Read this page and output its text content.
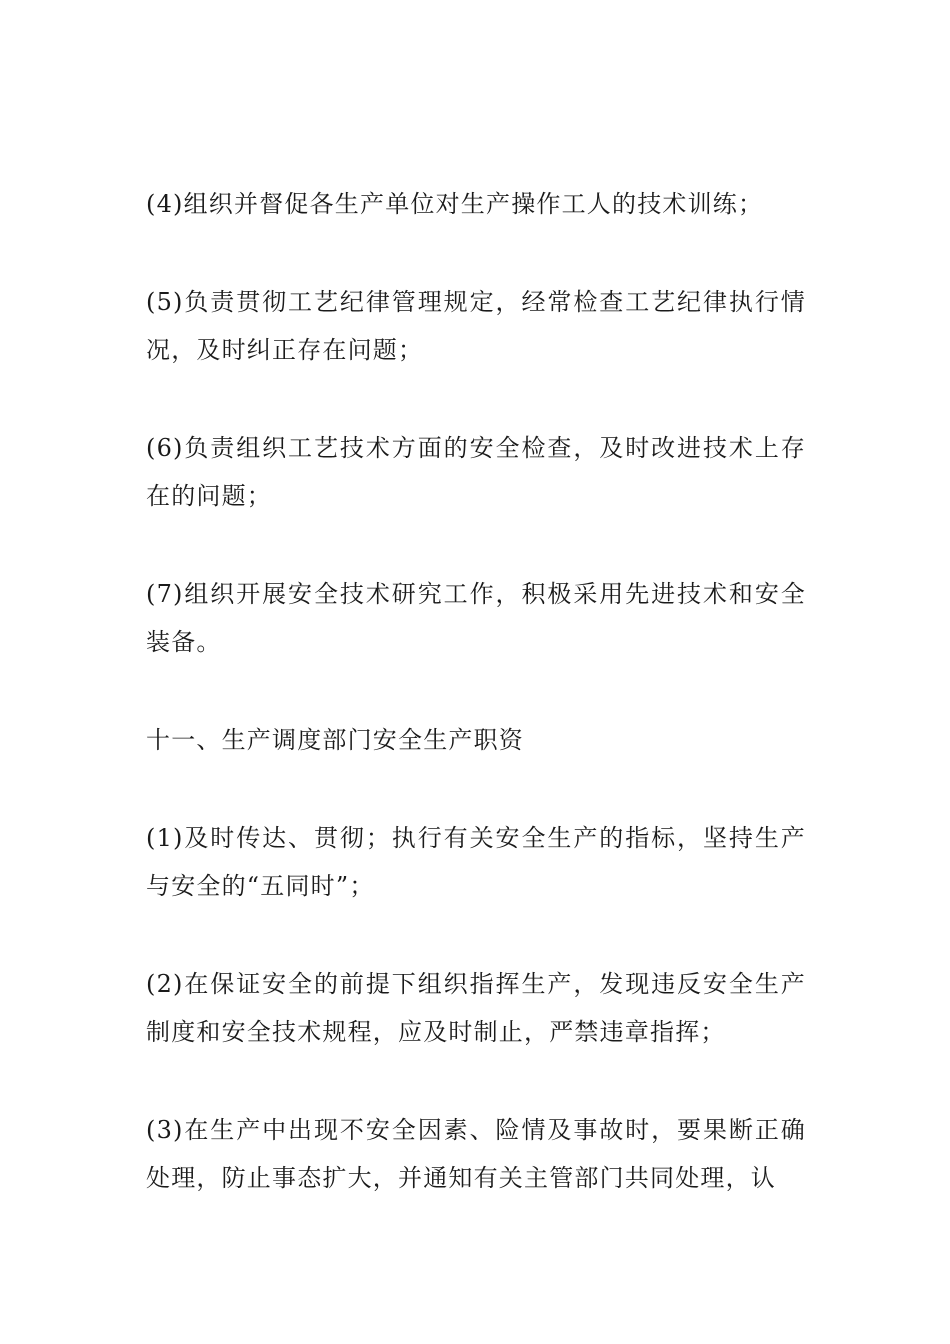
(4)组织并督促各生产单位对生产操作工人的技术训练；

(5)负责贯彻工艺纪律管理规定，经常检查工艺纪律执行情况，及时纠正存在问题；

(6)负责组织工艺技术方面的安全检查，及时改进技术上存在的问题；

(7)组织开展安全技术研究工作，积极采用先进技术和安全装备。

十一、生产调度部门安全生产职资

(1)及时传达、贯彻；执行有关安全生产的指标，坚持生产与安全的“五同时”；

(2)在保证安全的前提下组织指挥生产，发现违反安全生产制度和安全技术规程，应及时制止，严禁违章指挥；

(3)在生产中出现不安全因素、险情及事故时，要果断正确处理，防止事态扩大，并通知有关主管部门共同处理，认
